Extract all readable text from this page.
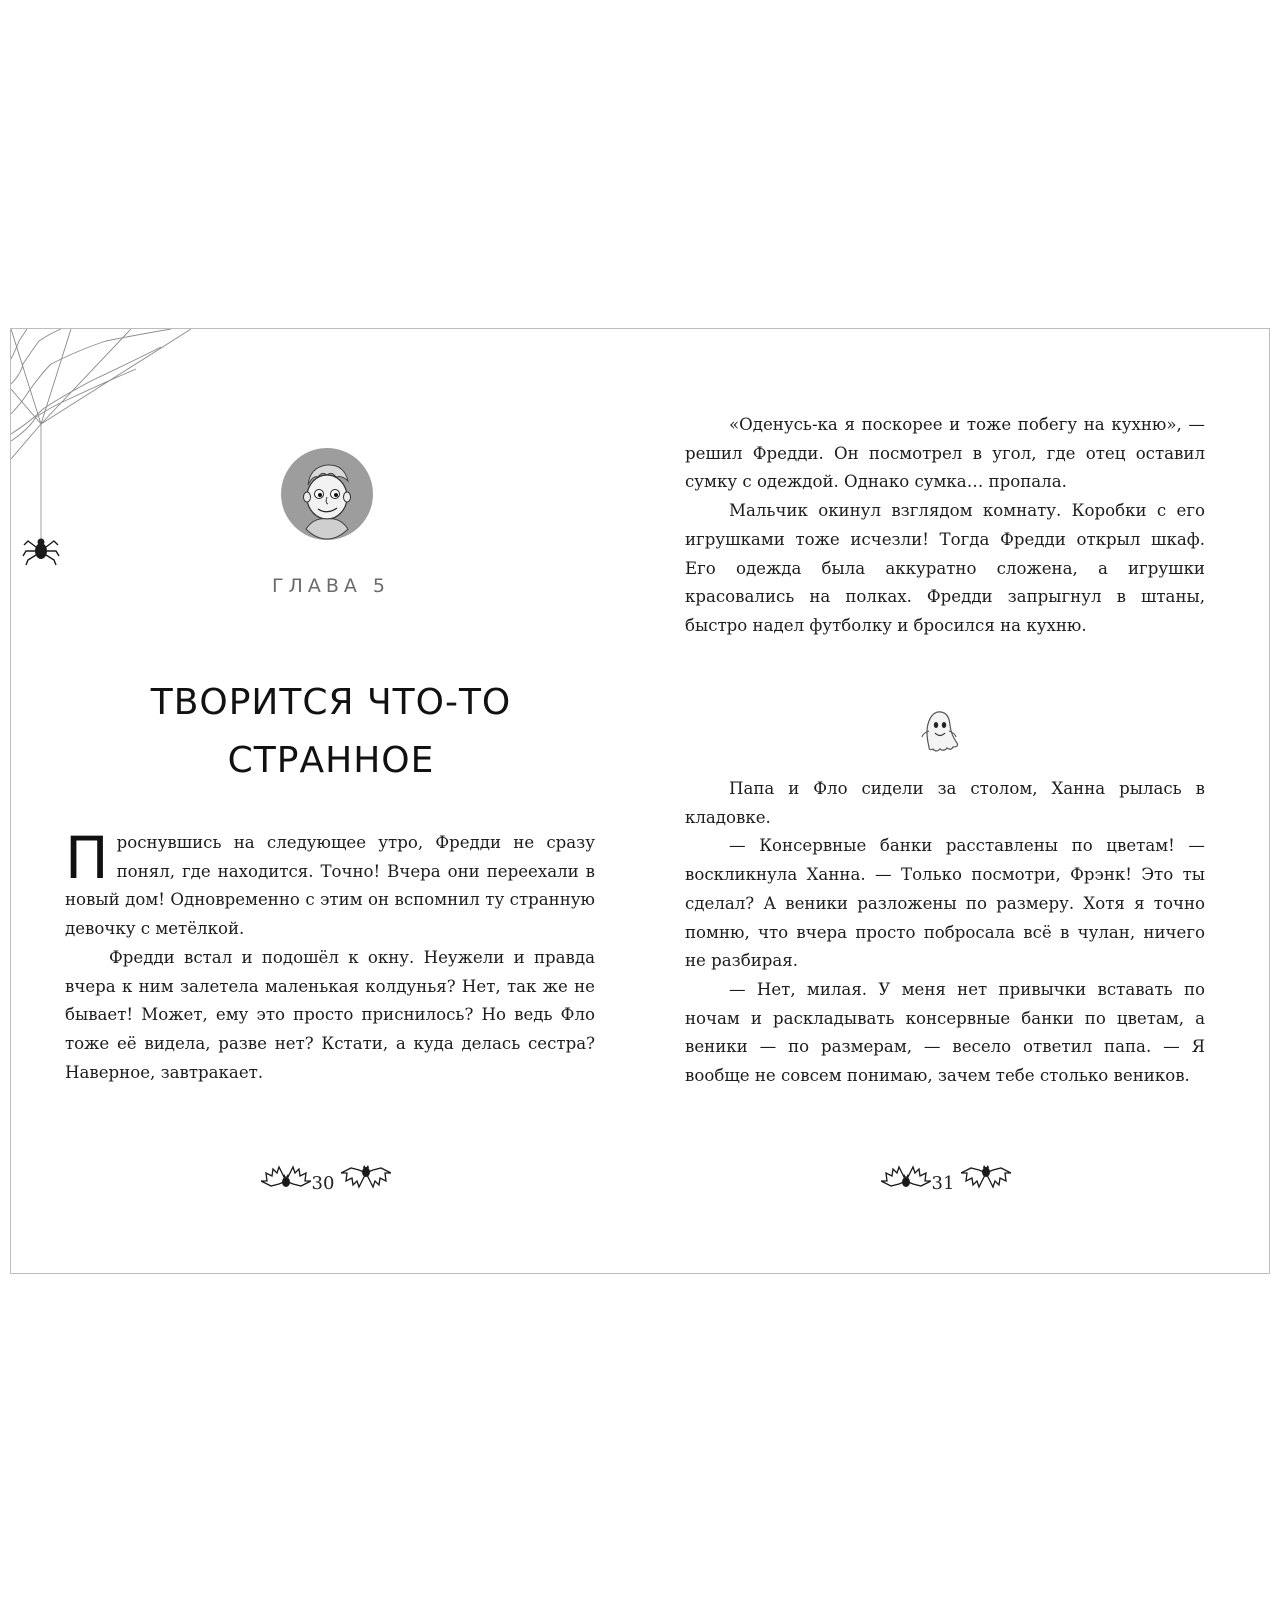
ГЛАВА 5
ТВОРИТСЯ ЧТО-ТО
СТРАННОЕ

Проснувшись на следующее утро, Фредди не сразу понял, где находится. Точно! Вчера они переехали в новый дом! Одновременно с этим он вспомнил ту странную девочку с метёлкой.

Фредди встал и подошёл к окну. Неужели и правда вчера к ним залетела маленькая колдунья? Нет, так же не бывает! Может, ему это просто приснилось? Но ведь Фло тоже её видела, разве нет? Кстати, а куда делась сестра? Наверное, завтракает.

30

«Оденусь-ка я поскорее и тоже побегу на кухню», — решил Фредди. Он посмотрел в угол, где отец оставил сумку с одеждой. Однако сумка… пропала.

Мальчик окинул взглядом комнату. Коробки с его игрушками тоже исчезли! Тогда Фредди открыл шкаф. Его одежда была аккуратно сложена, а игрушки красовались на полках. Фредди запрыгнул в штаны, быстро надел футболку и бросился на кухню.

Папа и Фло сидели за столом, Ханна рылась в кладовке.

— Консервные банки расставлены по цветам! — воскликнула Ханна. — Только посмотри, Фрэнк! Это ты сделал? А веники разложены по размеру. Хотя я точно помню, что вчера просто побросала всё в чулан, ничего не разбирая.

— Нет, милая. У меня нет привычки вставать по ночам и раскладывать консервные банки по цветам, а веники — по размерам, — весело ответил папа. — Я вообще не совсем понимаю, зачем тебе столько веников.

31
